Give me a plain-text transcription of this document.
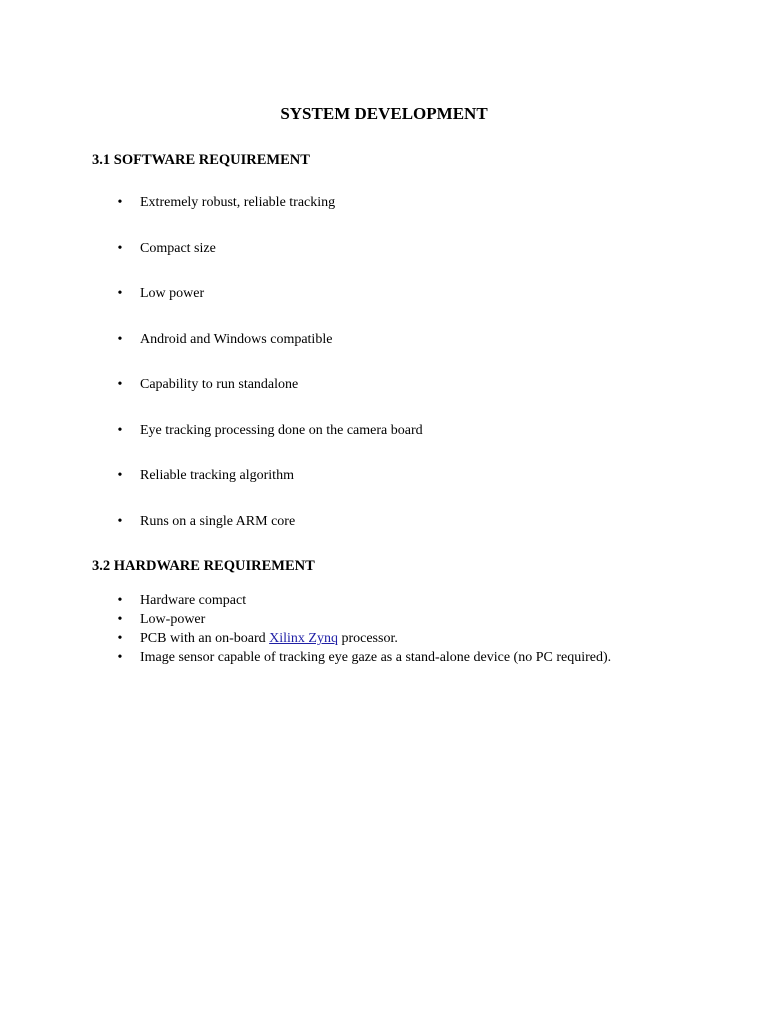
SYSTEM DEVELOPMENT
3.1 SOFTWARE REQUIREMENT
• Extremely robust, reliable tracking
• Compact size
• Low power
• Android and Windows compatible
• Capability to run standalone
• Eye tracking processing done on the camera board
• Reliable tracking algorithm
• Runs on a single ARM core
3.2 HARDWARE REQUIREMENT
• Hardware compact
• Low-power
• PCB with an on-board Xilinx Zynq processor.
• Image sensor capable of tracking eye gaze as a stand-alone device (no PC required).
